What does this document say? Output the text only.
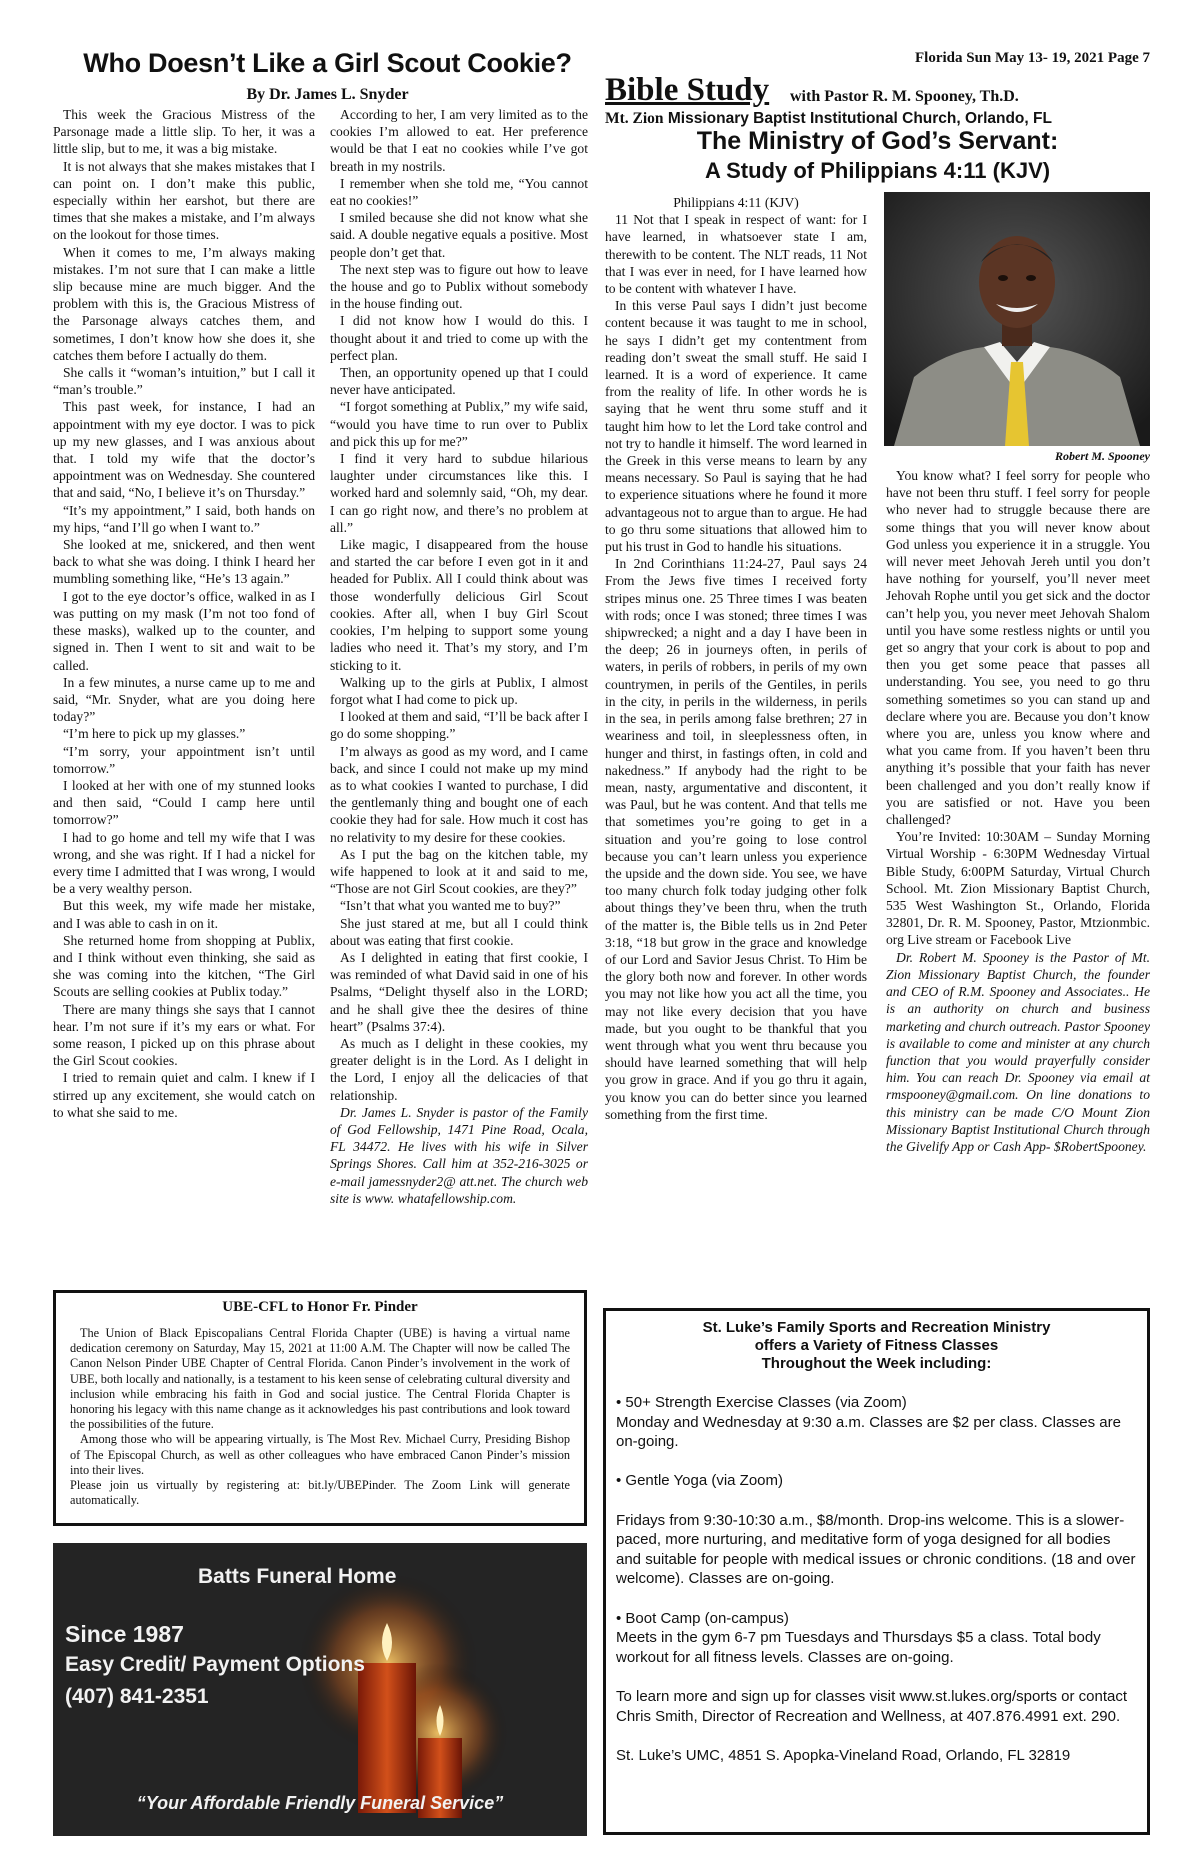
Who Doesn’t Like a Girl Scout Cookie?
By Dr. James L. Snyder

This week the Gracious Mistress of the Parsonage made a little slip. To her, it was a little slip, but to me, it was a big mistake.

It is not always that she makes mistakes that I can point on. I don’t make this public, especially within her earshot, but there are times that she makes a mistake, and I’m always on the lookout for those times.

When it comes to me, I’m always making mistakes. I’m not sure that I can make a little slip because mine are much bigger. And the problem with this is, the Gracious Mistress of the Parsonage always catches them, and sometimes, I don’t know how she does it, she catches them before I actually do them.

She calls it “woman’s intuition,” but I call it “man’s trouble.”

This past week, for instance, I had an appointment with my eye doctor. I was to pick up my new glasses, and I was anxious about that. I told my wife that the doctor’s appointment was on Wednesday. She countered that and said, “No, I believe it’s on Thursday.”

“It’s my appointment,” I said, both hands on my hips, “and I’ll go when I want to.”

She looked at me, snickered, and then went back to what she was doing. I think I heard her mumbling something like, “He’s 13 again.”

I got to the eye doctor’s office, walked in as I was putting on my mask (I’m not too fond of these masks), walked up to the counter, and signed in. Then I went to sit and wait to be called.

In a few minutes, a nurse came up to me and said, “Mr. Snyder, what are you doing here today?”

“I’m here to pick up my glasses.”

“I’m sorry, your appointment isn’t until tomorrow.”

I looked at her with one of my stunned looks and then said, “Could I camp here until tomorrow?”

I had to go home and tell my wife that I was wrong, and she was right. If I had a nickel for every time I admitted that I was wrong, I would be a very wealthy person.

But this week, my wife made her mistake, and I was able to cash in on it.

She returned home from shopping at Publix, and I think without even thinking, she said as she was coming into the kitchen, “The Girl Scouts are selling cookies at Publix today.”

There are many things she says that I cannot hear. I’m not sure if it’s my ears or what. For some reason, I picked up on this phrase about the Girl Scout cookies.

I tried to remain quiet and calm. I knew if I stirred up any excitement, she would catch on to what she said to me.

According to her, I am very limited as to the cookies I’m allowed to eat. Her preference would be that I eat no cookies while I’ve got breath in my nostrils.

I remember when she told me, “You cannot eat no cookies!”

I smiled because she did not know what she said. A double negative equals a positive. Most people don’t get that.

The next step was to figure out how to leave the house and go to Publix without somebody in the house finding out.

I did not know how I would do this. I thought about it and tried to come up with the perfect plan.

Then, an opportunity opened up that I could never have anticipated.

“I forgot something at Publix,” my wife said, “would you have time to run over to Publix and pick this up for me?”

I find it very hard to subdue hilarious laughter under circumstances like this. I worked hard and solemnly said, “Oh, my dear. I can go right now, and there’s no problem at all.”

Like magic, I disappeared from the house and started the car before I even got in it and headed for Publix. All I could think about was those wonderfully delicious Girl Scout cookies. After all, when I buy Girl Scout cookies, I’m helping to support some young ladies who need it. That’s my story, and I’m sticking to it.

Walking up to the girls at Publix, I almost forgot what I had come to pick up.

I looked at them and said, “I’ll be back after I go do some shopping.”

I’m always as good as my word, and I came back, and since I could not make up my mind as to what cookies I wanted to purchase, I did the gentlemanly thing and bought one of each cookie they had for sale. How much it cost has no relativity to my desire for these cookies.

As I put the bag on the kitchen table, my wife happened to look at it and said to me, “Those are not Girl Scout cookies, are they?”

“Isn’t that what you wanted me to buy?”

She just stared at me, but all I could think about was eating that first cookie.

As I delighted in eating that first cookie, I was reminded of what David said in one of his Psalms, “Delight thyself also in the LORD; and he shall give thee the desires of thine heart” (Psalms 37:4).

As much as I delight in these cookies, my greater delight is in the Lord. As I delight in the Lord, I enjoy all the delicacies of that relationship.

Dr. James L. Snyder is pastor of the Family of God Fellowship, 1471 Pine Road, Ocala, FL 34472. He lives with his wife in Silver Springs Shores. Call him at 352-216-3025 or e-mail jamessnyder2@ att.net. The church web site is www. whatafellowship.com.

Florida Sun May 13- 19, 2021 Page 7
Bible Study with Pastor R. M. Spooney, Th.D.
Mt. Zion Missionary Baptist Institutional Church, Orlando, FL
The Ministry of God’s Servant:
A Study of Philippians 4:11 (KJV)

Philippians 4:11 (KJV)

11 Not that I speak in respect of want: for I have learned, in whatsoever state I am, therewith to be content. The NLT reads, 11 Not that I was ever in need, for I have learned how to be content with whatever I have.

In this verse Paul says I didn’t just become content because it was taught to me in school, he says I didn’t get my contentment from reading don’t sweat the small stuff. He said I learned. It is a word of experience. It came from the reality of life. In other words he is saying that he went thru some stuff and it taught him how to let the Lord take control and not try to handle it himself. The word learned in the Greek in this verse means to learn by any means necessary. So Paul is saying that he had to experience situations where he found it more advantageous not to argue than to argue. He had to go thru some situations that allowed him to put his trust in God to handle his situations.

In 2nd Corinthians 11:24-27, Paul says 24 From the Jews five times I received forty stripes minus one. 25 Three times I was beaten with rods; once I was stoned; three times I was shipwrecked; a night and a day I have been in the deep; 26 in journeys often, in perils of waters, in perils of robbers, in perils of my own countrymen, in perils of the Gentiles, in perils in the city, in perils in the wilderness, in perils in the sea, in perils among false brethren; 27 in weariness and toil, in sleeplessness often, in hunger and thirst, in fastings often, in cold and nakedness.” If anybody had the right to be mean, nasty, argumentative and discontent, it was Paul, but he was content. And that tells me that sometimes you’re going to get in a situation and you’re going to lose control because you can’t learn unless you experience the upside and the down side. You see, we have too many church folk today judging other folk about things they’ve been thru, when the truth of the matter is, the Bible tells us in 2nd Peter 3:18, “18 but grow in the grace and knowledge of our Lord and Savior Jesus Christ. To Him be the glory both now and forever. In other words you may not like how you act all the time, you may not like every decision that you have made, but you ought to be thankful that you went through what you went thru because you should have learned something that will help you grow in grace. And if you go thru it again, you know you can do better since you learned something from the first time.

Robert M. Spooney

You know what? I feel sorry for people who have not been thru stuff. I feel sorry for people who never had to struggle because there are some things that you will never know about God unless you experience it in a struggle. You will never meet Jehovah Jereh until you don’t have nothing for yourself, you’ll never meet Jehovah Rophe until you get sick and the doctor can’t help you, you never meet Jehovah Shalom until you have some restless nights or until you get so angry that your cork is about to pop and then you get some peace that passes all understanding. You see, you need to go thru something sometimes so you can stand up and declare where you are. Because you don’t know where you are, unless you know where and what you came from. If you haven’t been thru anything it’s possible that your faith has never been challenged and you don’t really know if you are satisfied or not. Have you been challenged?

You’re Invited: 10:30AM – Sunday Morning Virtual Worship - 6:30PM Wednesday Virtual Bible Study, 6:00PM Saturday, Virtual Church School. Mt. Zion Missionary Baptist Church, 535 West Washington St., Orlando, Florida 32801, Dr. R. M. Spooney, Pastor, Mtzionmbic. org Live stream or Facebook Live

Dr. Robert M. Spooney is the Pastor of Mt. Zion Missionary Baptist Church, the founder and CEO of R.M. Spooney and Associates.. He is an authority on church and business marketing and church outreach. Pastor Spooney is available to come and minister at any church function that you would prayerfully consider him. You can reach Dr. Spooney via email at rmspooney@gmail.com. On line donations to this ministry can be made C/O Mount Zion Missionary Baptist Institutional Church through the Givelify App or Cash App- $RobertSpooney.

UBE-CFL to Honor Fr. Pinder

The Union of Black Episcopalians Central Florida Chapter (UBE) is having a virtual name dedication ceremony on Saturday, May 15, 2021 at 11:00 A.M. The Chapter will now be called The Canon Nelson Pinder UBE Chapter of Central Florida. Canon Pinder’s involvement in the work of UBE, both locally and nationally, is a testament to his keen sense of celebrating cultural diversity and inclusion while embracing his faith in God and social justice. The Central Florida Chapter is honoring his legacy with this name change as it acknowledges his past contributions and look toward the possibilities of the future.

Among those who will be appearing virtually, is The Most Rev. Michael Curry, Presiding Bishop of The Episcopal Church, as well as other colleagues who have embraced Canon Pinder’s mission into their lives.

Please join us virtually by registering at: bit.ly/UBEPinder. The Zoom Link will generate automatically.

Batts Funeral Home
Since 1987
Easy Credit/ Payment Options
(407) 841-2351
“Your Affordable Friendly Funeral Service”
St. Luke’s Family Sports and Recreation Ministry
offers a Variety of Fitness Classes
Throughout the Week including:

• 50+ Strength Exercise Classes (via Zoom)

Monday and Wednesday at 9:30 a.m. Classes are $2 per class. Classes are on-going.

• Gentle Yoga (via Zoom)

Fridays from 9:30-10:30 a.m., $8/month. Drop-ins welcome. This is a slower-paced, more nurturing, and meditative form of yoga designed for all bodies and suitable for people with medical issues or chronic conditions. (18 and over welcome). Classes are on-going.

• Boot Camp (on-campus)

Meets in the gym 6-7 pm Tuesdays and Thursdays $5 a class. Total body workout for all fitness levels. Classes are on-going.

To learn more and sign up for classes visit www.st.lukes.org/sports or contact Chris Smith, Director of Recreation and Wellness, at 407.876.4991 ext. 290.

St. Luke’s UMC, 4851 S. Apopka-Vineland Road, Orlando, FL 32819
